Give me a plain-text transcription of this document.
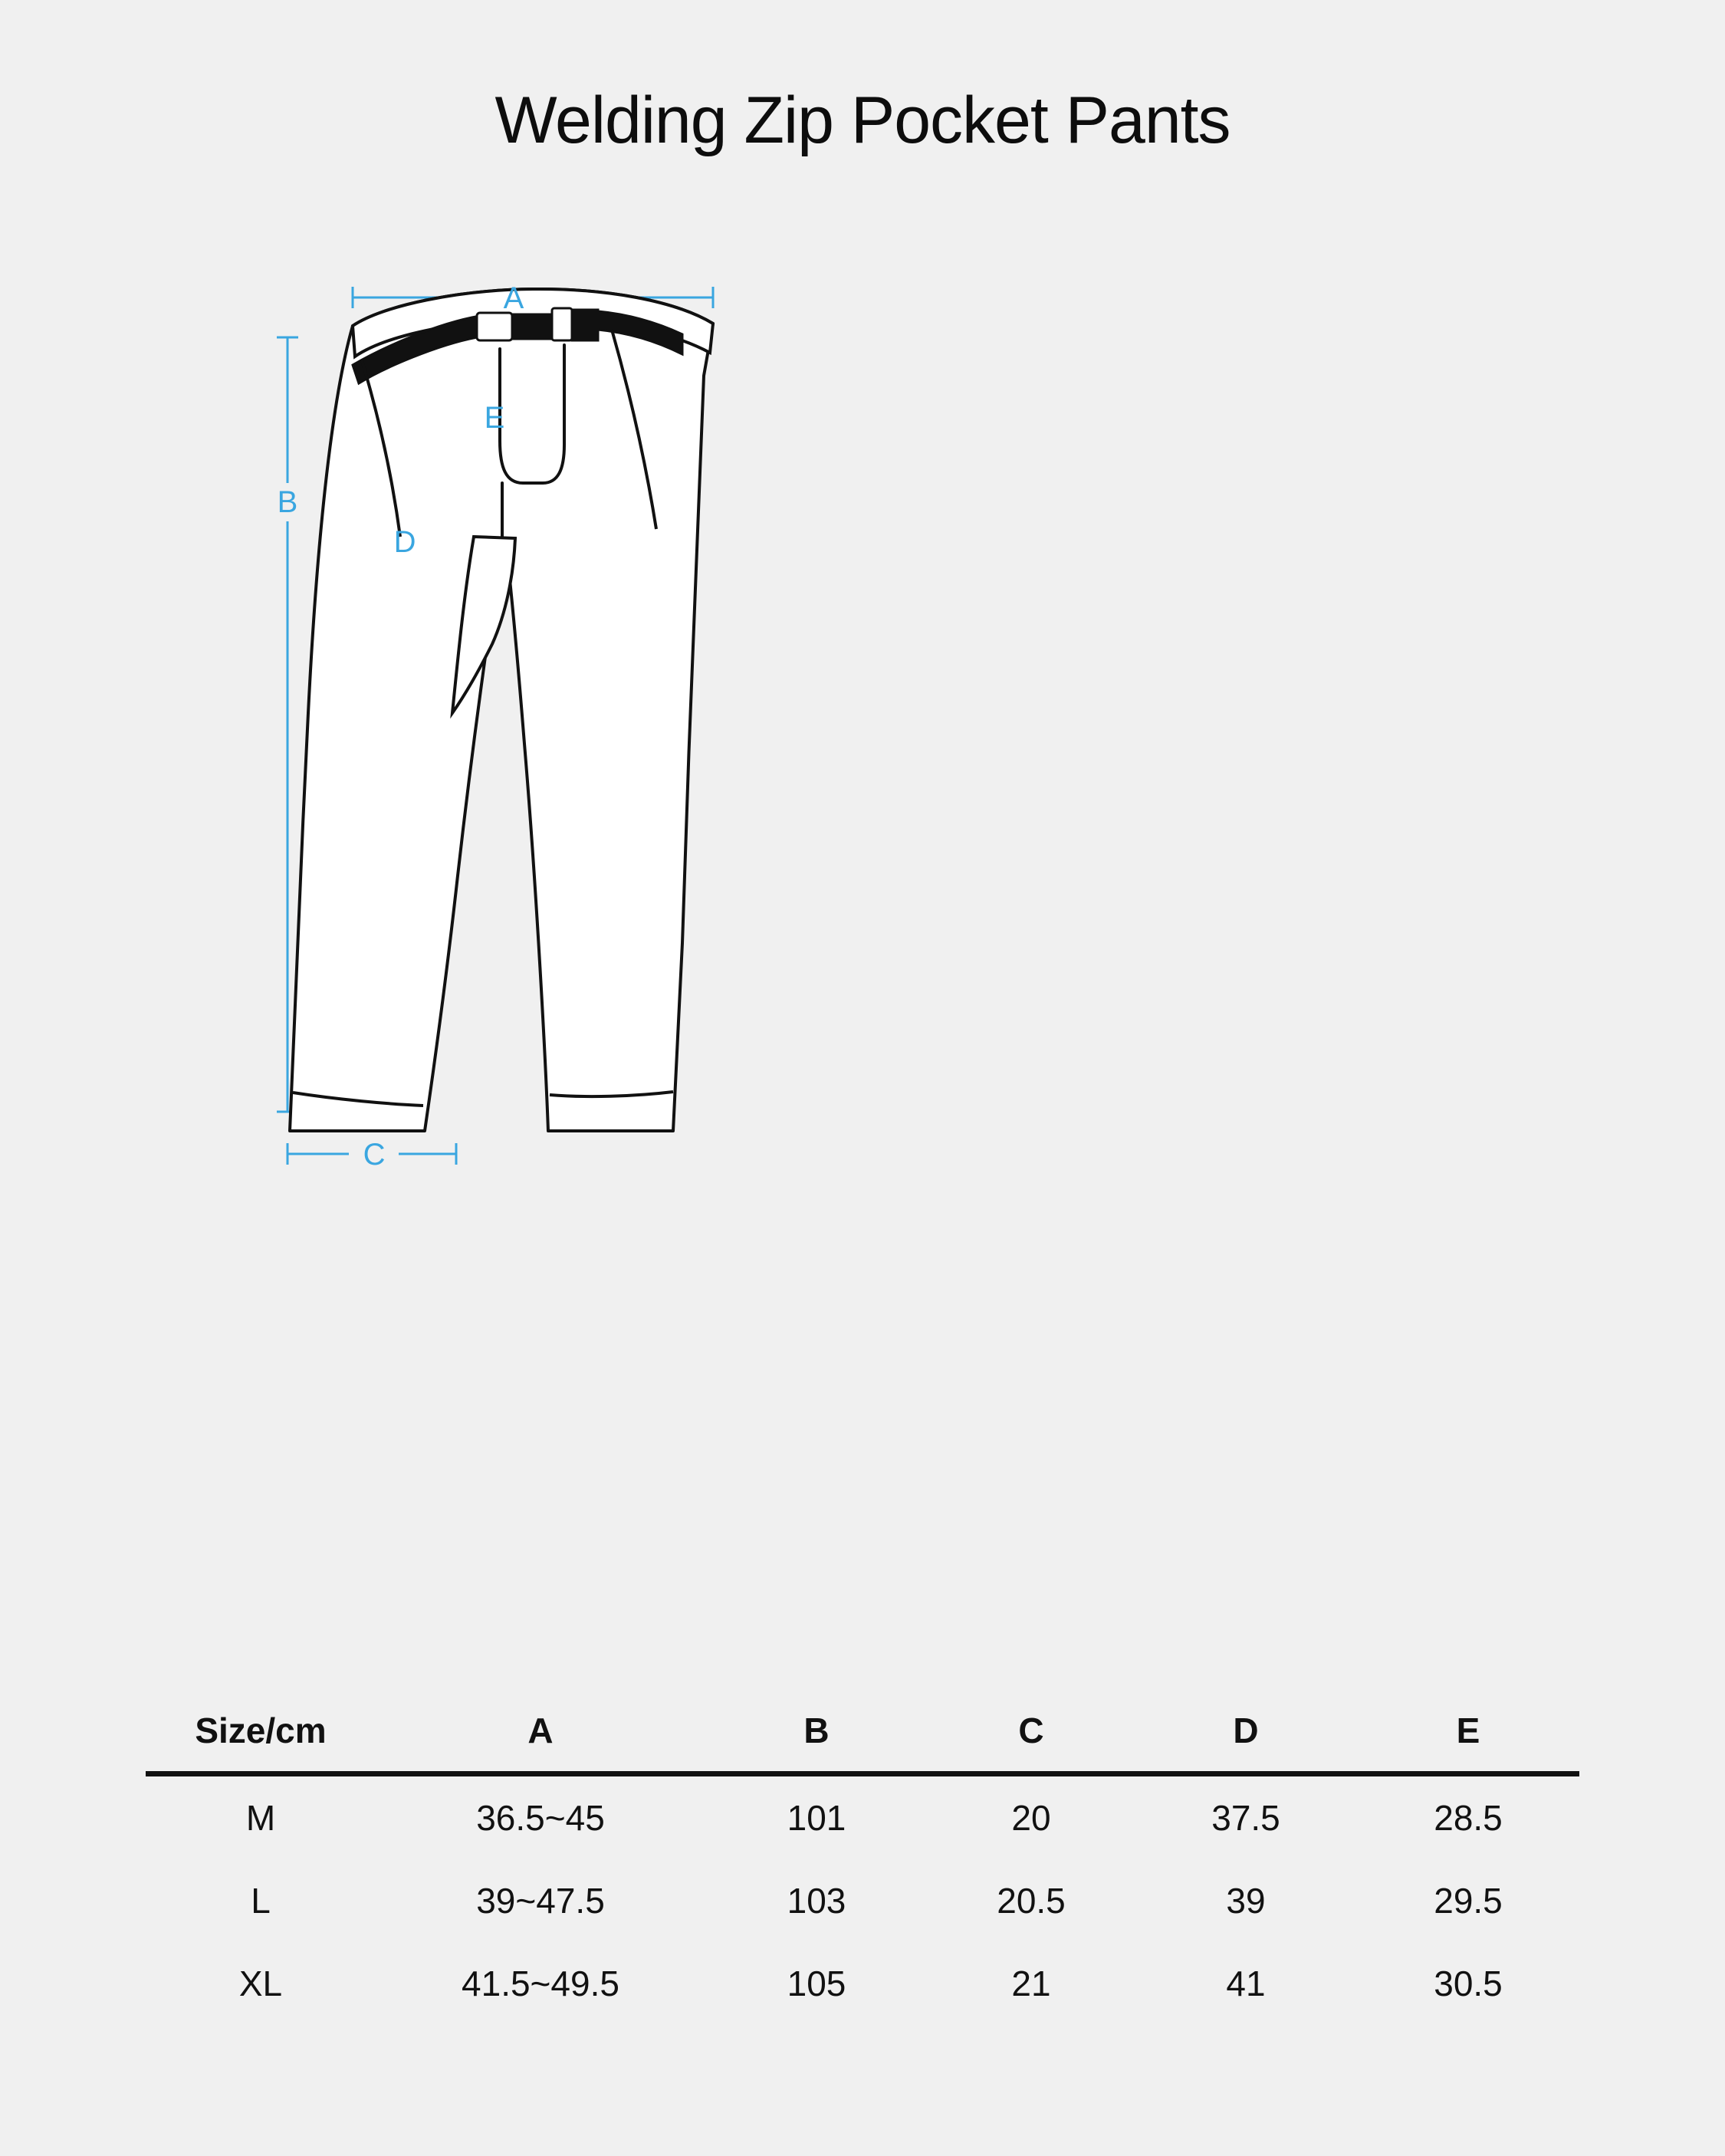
Welding Zip Pocket Pants
A
B
C
D
E
Size/cm	A	B	C	D	E
M	36.5~45	101	20	37.5	28.5
L	39~47.5	103	20.5	39	29.5
XL	41.5~49.5	105	21	41	30.5
